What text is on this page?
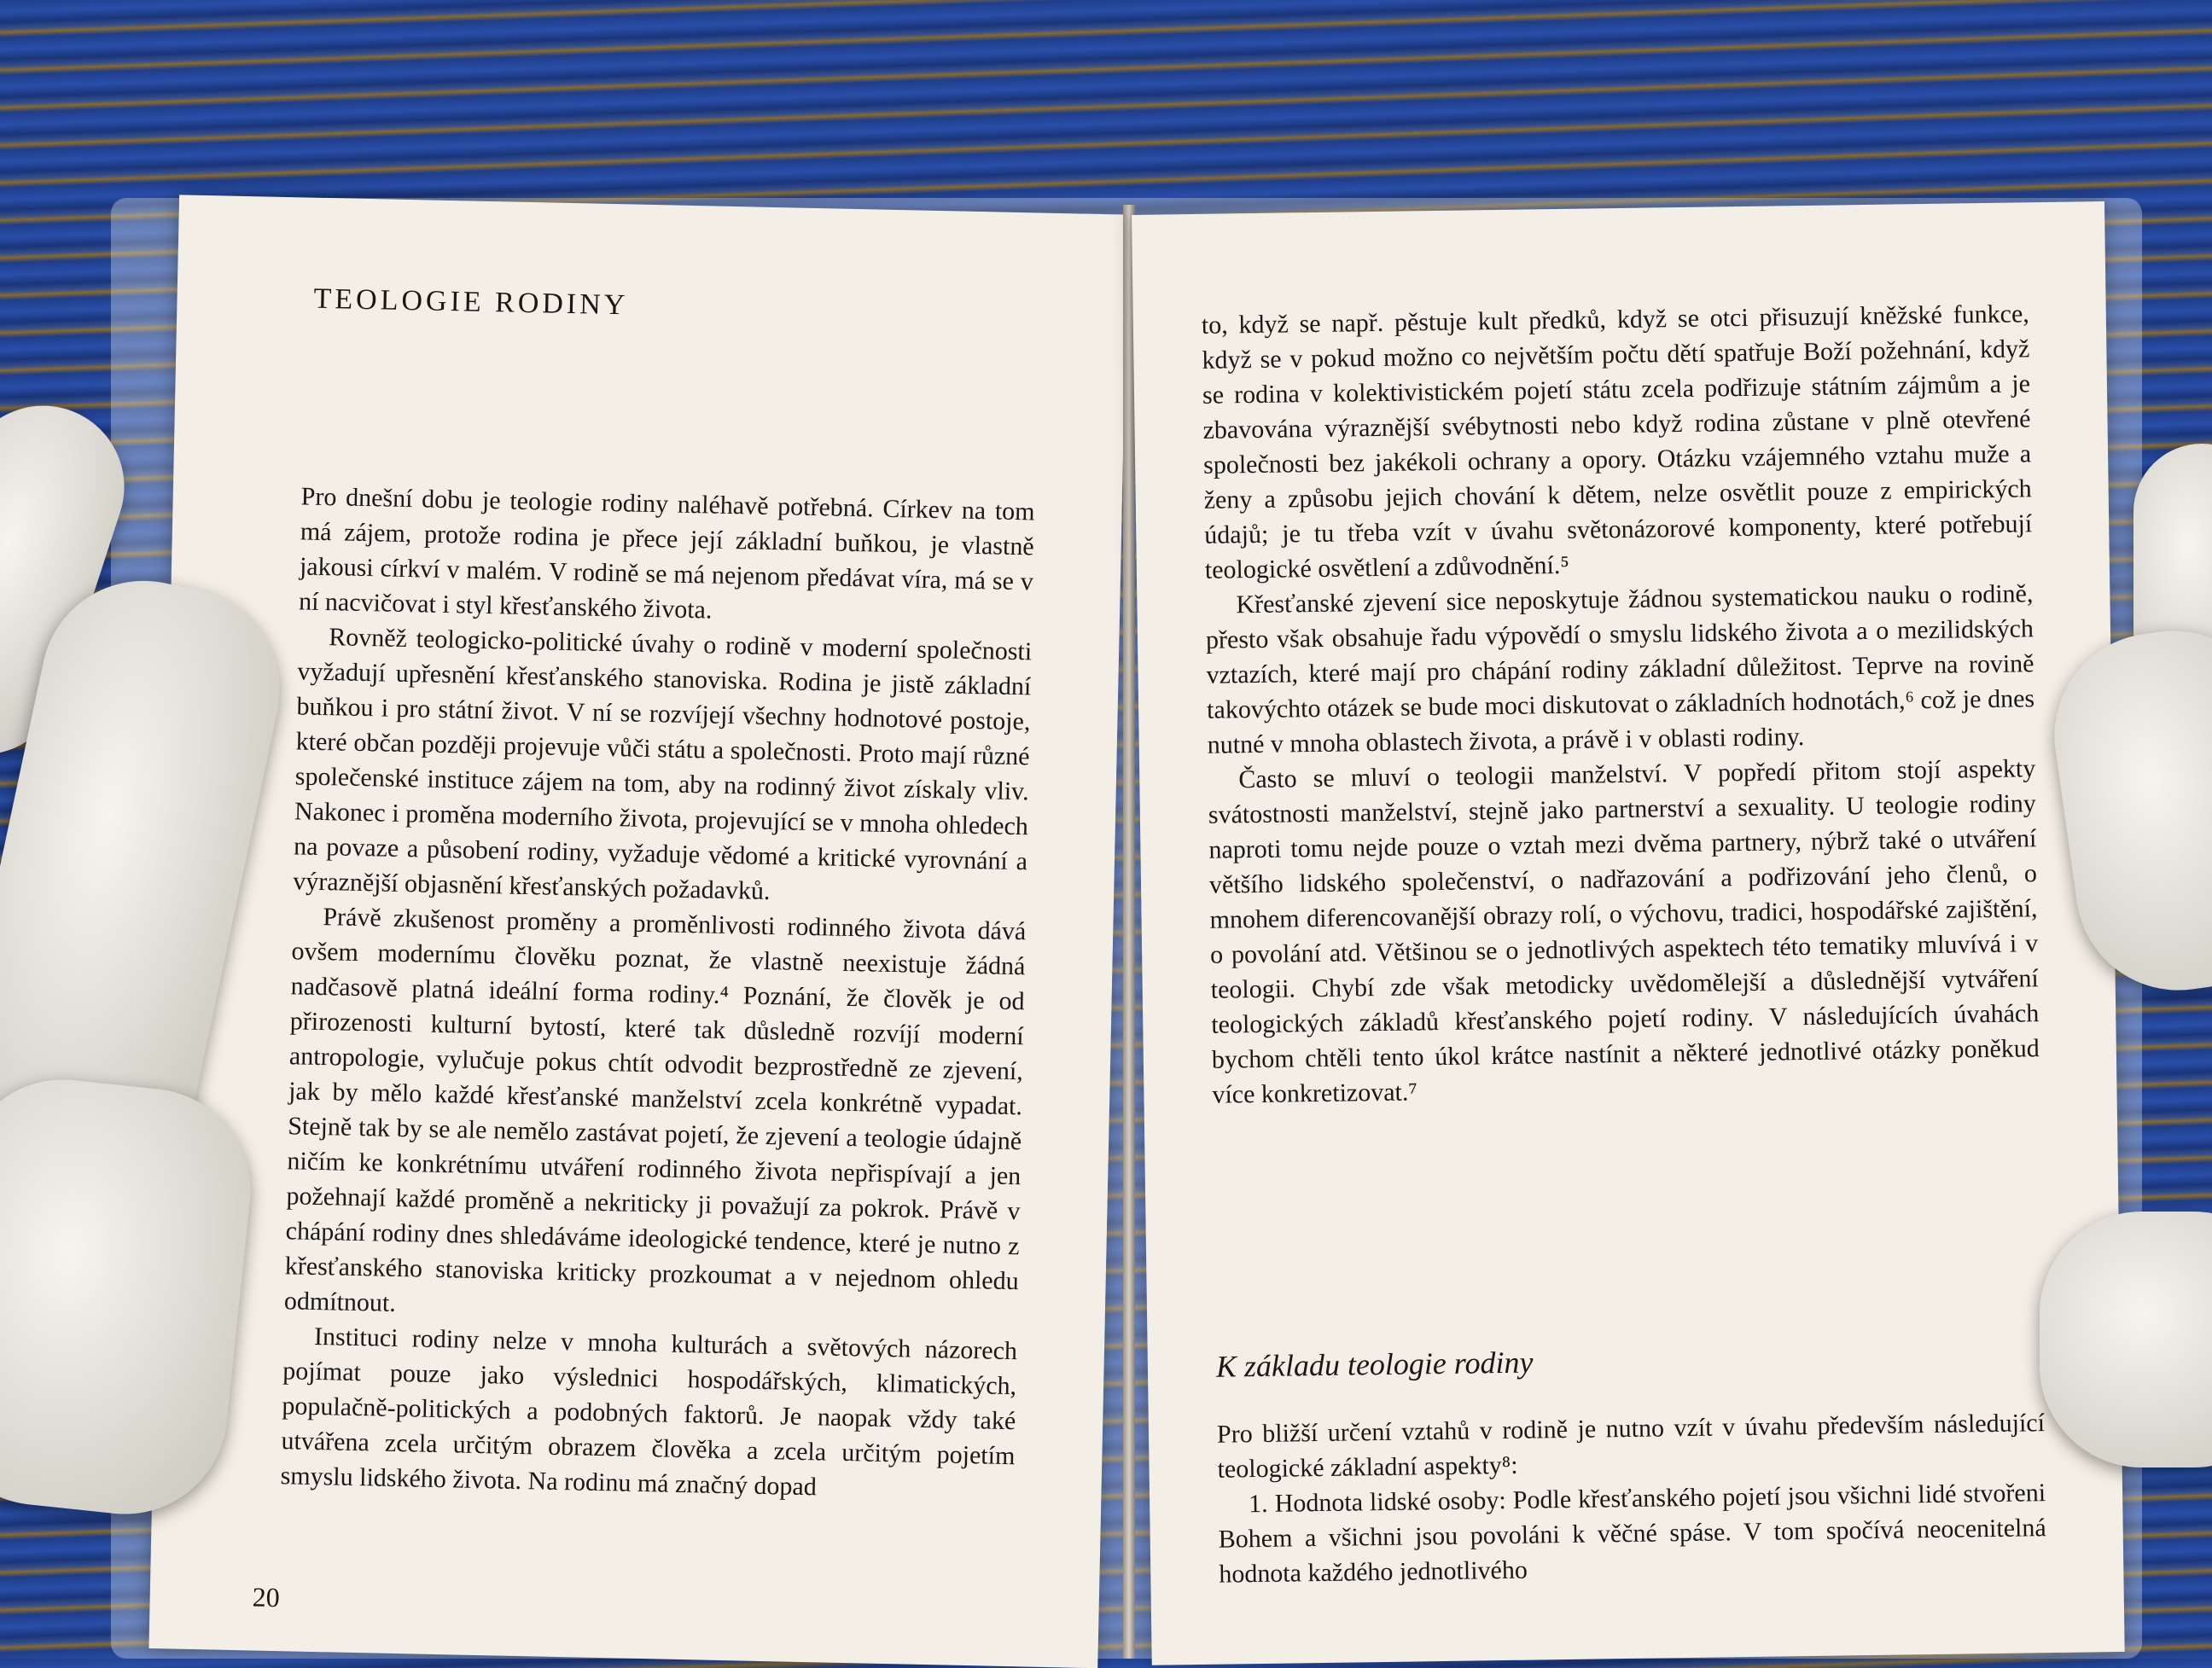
TEOLOGIE RODINY

Pro dnešní dobu je teologie rodiny naléhavě potřebná. Církev na tom má zájem, protože rodina je přece její základní buňkou, je vlastně jakousi církví v malém. V rodině se má nejenom předávat víra, má se v ní nacvičovat i styl křesťanského života.

Rovněž teologicko-politické úvahy o rodině v moderní společnosti vyžadují upřesnění křesťanského stanoviska. Rodina je jistě základní buňkou i pro státní život. V ní se rozvíjejí všechny hodnotové postoje, které občan později projevuje vůči státu a společnosti. Proto mají různé společenské instituce zájem na tom, aby na rodinný život získaly vliv. Nakonec i proměna moderního života, projevující se v mnoha ohledech na povaze a působení rodiny, vyžaduje vědomé a kritické vyrovnání a výraznější objasnění křesťanských požadavků.

Právě zkušenost proměny a proměnlivosti rodinného života dává ovšem modernímu člověku poznat, že vlastně neexistuje žádná nadčasově platná ideální forma rodiny.⁴ Poznání, že člověk je od přirozenosti kulturní bytostí, které tak důsledně rozvíjí moderní antropologie, vylučuje pokus chtít odvodit bezprostředně ze zjevení, jak by mělo každé křesťanské manželství zcela konkrétně vypadat. Stejně tak by se ale nemělo zastávat pojetí, že zjevení a teologie údajně ničím ke konkrétnímu utváření rodinného života nepřispívají a jen požehnají každé proměně a nekriticky ji považují za pokrok. Právě v chápání rodiny dnes shledáváme ideologické tendence, které je nutno z křesťanského stanoviska kriticky prozkoumat a v nejednom ohledu odmítnout.

Instituci rodiny nelze v mnoha kulturách a světových názorech pojímat pouze jako výslednici hospodářských, klimatických, populačně-politických a podobných faktorů. Je naopak vždy také utvářena zcela určitým obrazem člověka a zcela určitým pojetím smyslu lidského života. Na rodinu má značný dopad

20

to, když se např. pěstuje kult předků, když se otci přisuzují kněžské funkce, když se v pokud možno co největším počtu dětí spatřuje Boží požehnání, když se rodina v kolektivistickém pojetí státu zcela podřizuje státním zájmům a je zbavována výraznější svébytnosti nebo když rodina zůstane v plně otevřené společnosti bez jakékoli ochrany a opory. Otázku vzájemného vztahu muže a ženy a způsobu jejich chování k dětem, nelze osvětlit pouze z empirických údajů; je tu třeba vzít v úvahu světonázorové komponenty, které potřebují teologické osvětlení a zdůvodnění.⁵

Křesťanské zjevení sice neposkytuje žádnou systematickou nauku o rodině, přesto však obsahuje řadu výpovědí o smyslu lidského života a o mezilidských vztazích, které mají pro chápání rodiny základní důležitost. Teprve na rovině takovýchto otázek se bude moci diskutovat o základních hodnotách,⁶ což je dnes nutné v mnoha oblastech života, a právě i v oblasti rodiny.

Často se mluví o teologii manželství. V popředí přitom stojí aspekty svátostnosti manželství, stejně jako partnerství a sexuality. U teologie rodiny naproti tomu nejde pouze o vztah mezi dvěma partnery, nýbrž také o utváření většího lidského společenství, o nadřazování a podřizování jeho členů, o mnohem diferencovanější obrazy rolí, o výchovu, tradici, hospodářské zajištění, o povolání atd. Většinou se o jednotlivých aspektech této tematiky mluvívá i v teologii. Chybí zde však metodicky uvědomělejší a důslednější vytváření teologických základů křesťanského pojetí rodiny. V následujících úvahách bychom chtěli tento úkol krátce nastínit a některé jednotlivé otázky poněkud více konkretizovat.⁷

K základu teologie rodiny

Pro bližší určení vztahů v rodině je nutno vzít v úvahu především následující teologické základní aspekty⁸:

1. Hodnota lidské osoby: Podle křesťanského pojetí jsou všichni lidé stvořeni Bohem a všichni jsou povoláni k věčné spáse. V tom spočívá neocenitelná hodnota každého jednotlivého
